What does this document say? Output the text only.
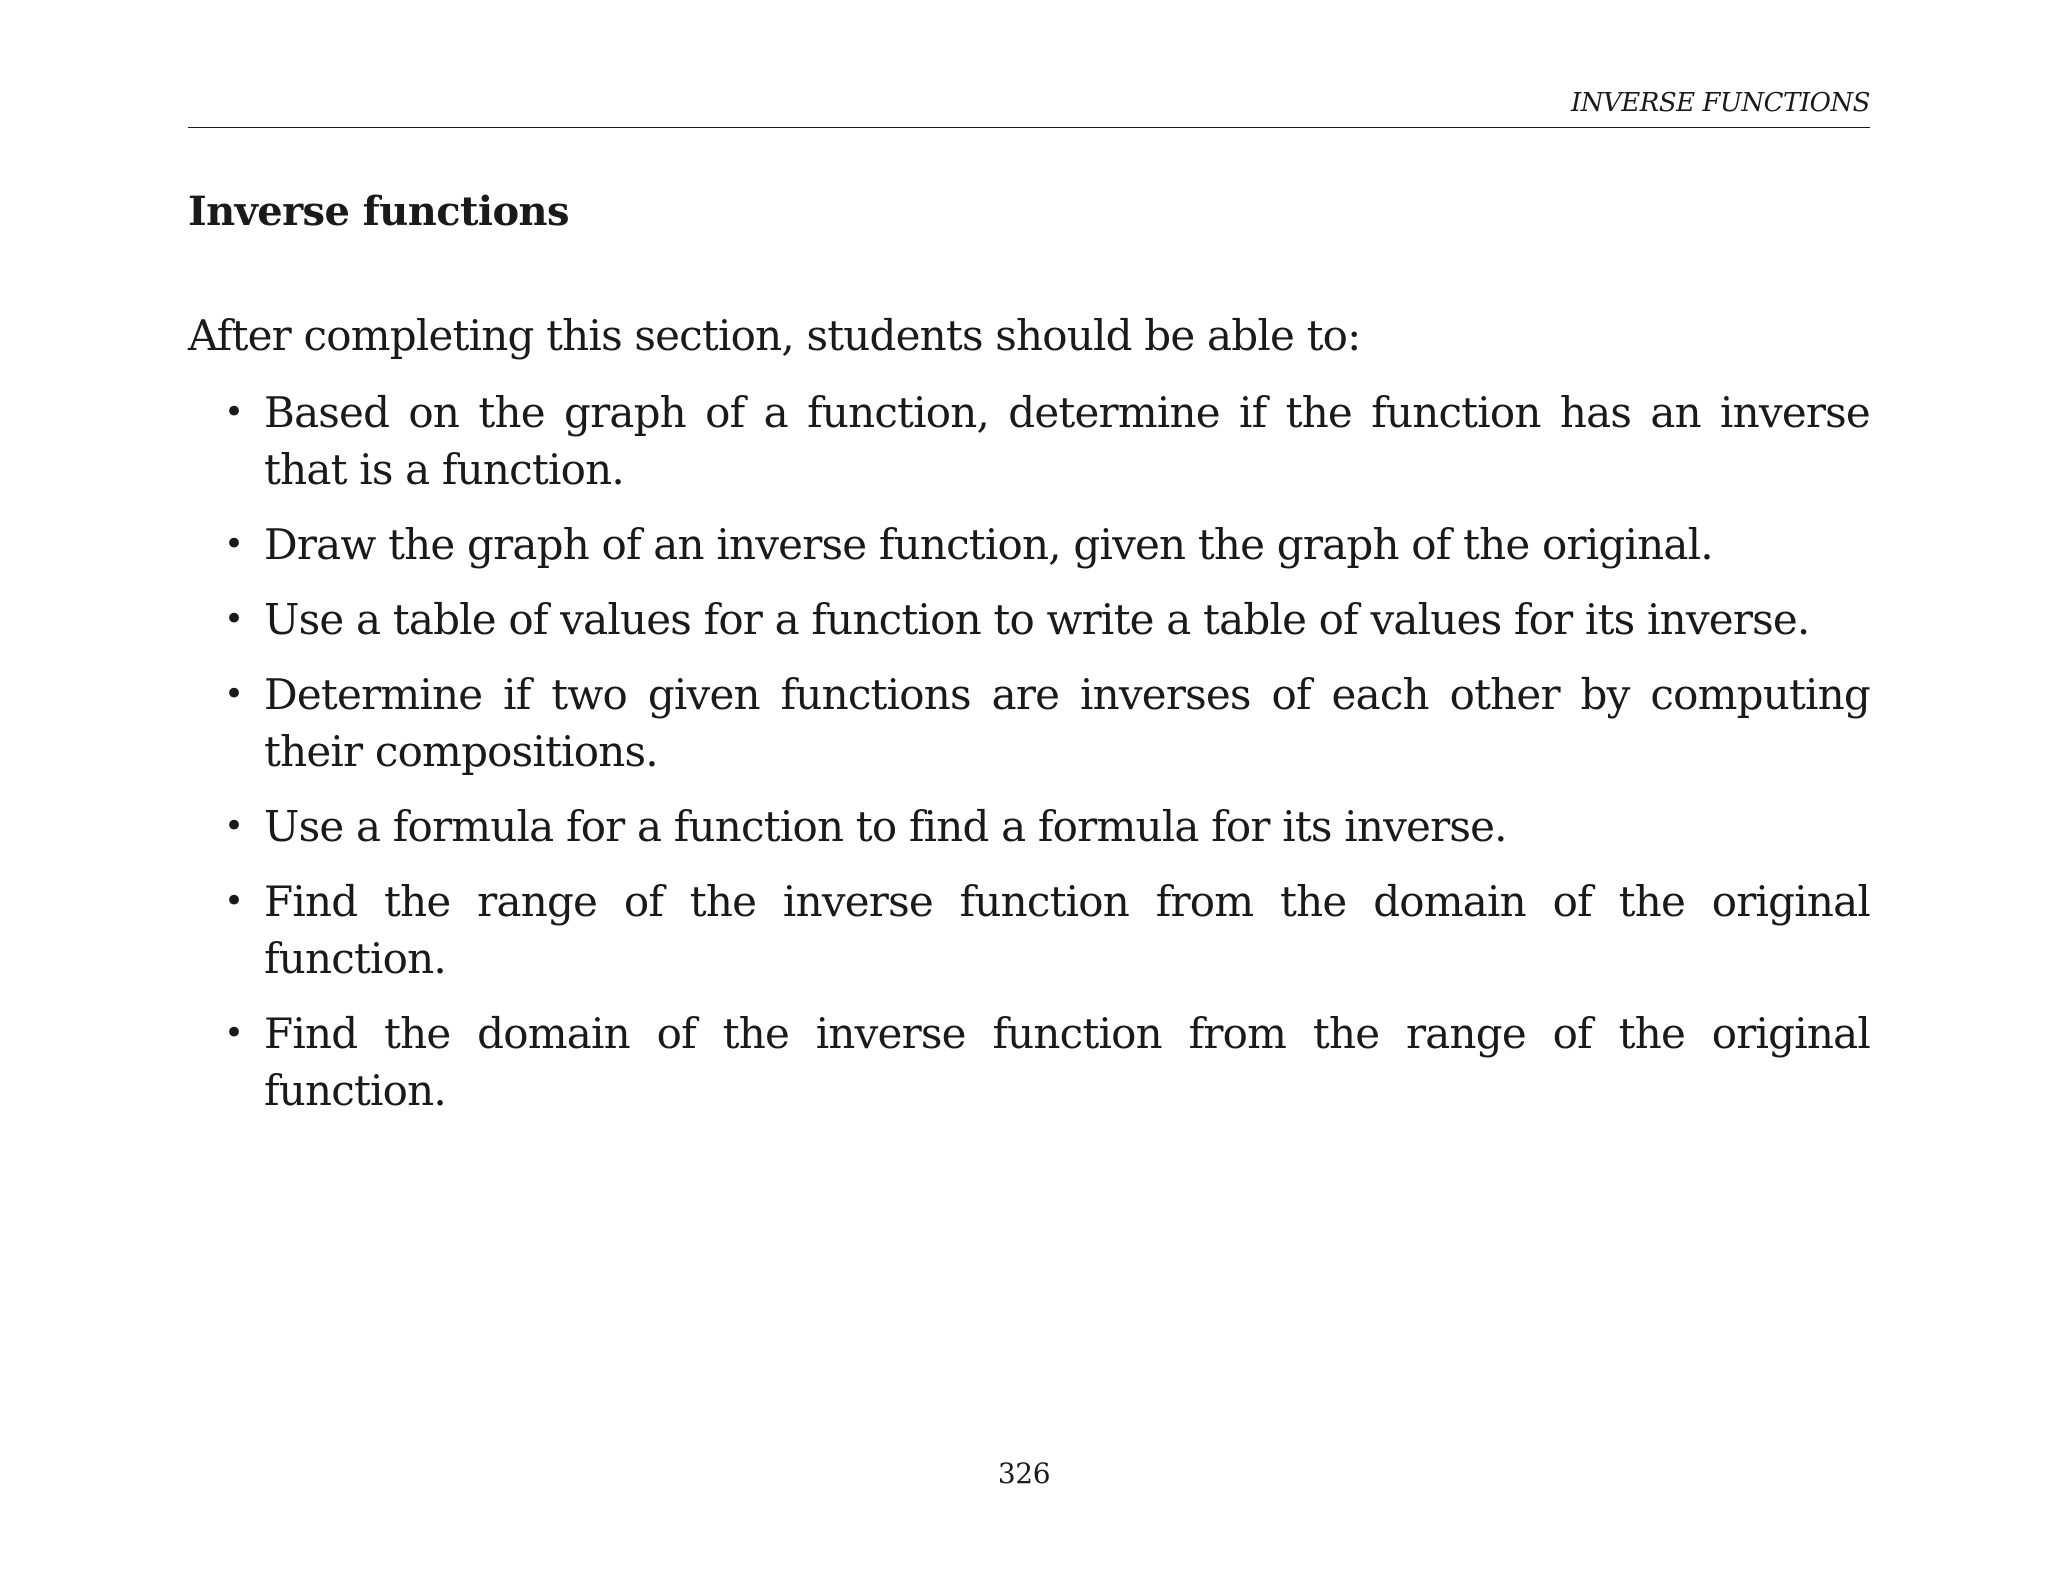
INVERSE FUNCTIONS
Inverse functions

After completing this section, students should be able to:

• Based on the graph of a function, determine if the function has an inverse that is a function.
• Draw the graph of an inverse function, given the graph of the original.
• Use a table of values for a function to write a table of values for its inverse.
• Determine if two given functions are inverses of each other by computing their compositions.
• Use a formula for a function to find a formula for its inverse.
• Find the range of the inverse function from the domain of the original function.
• Find the domain of the inverse function from the range of the original function.
326
